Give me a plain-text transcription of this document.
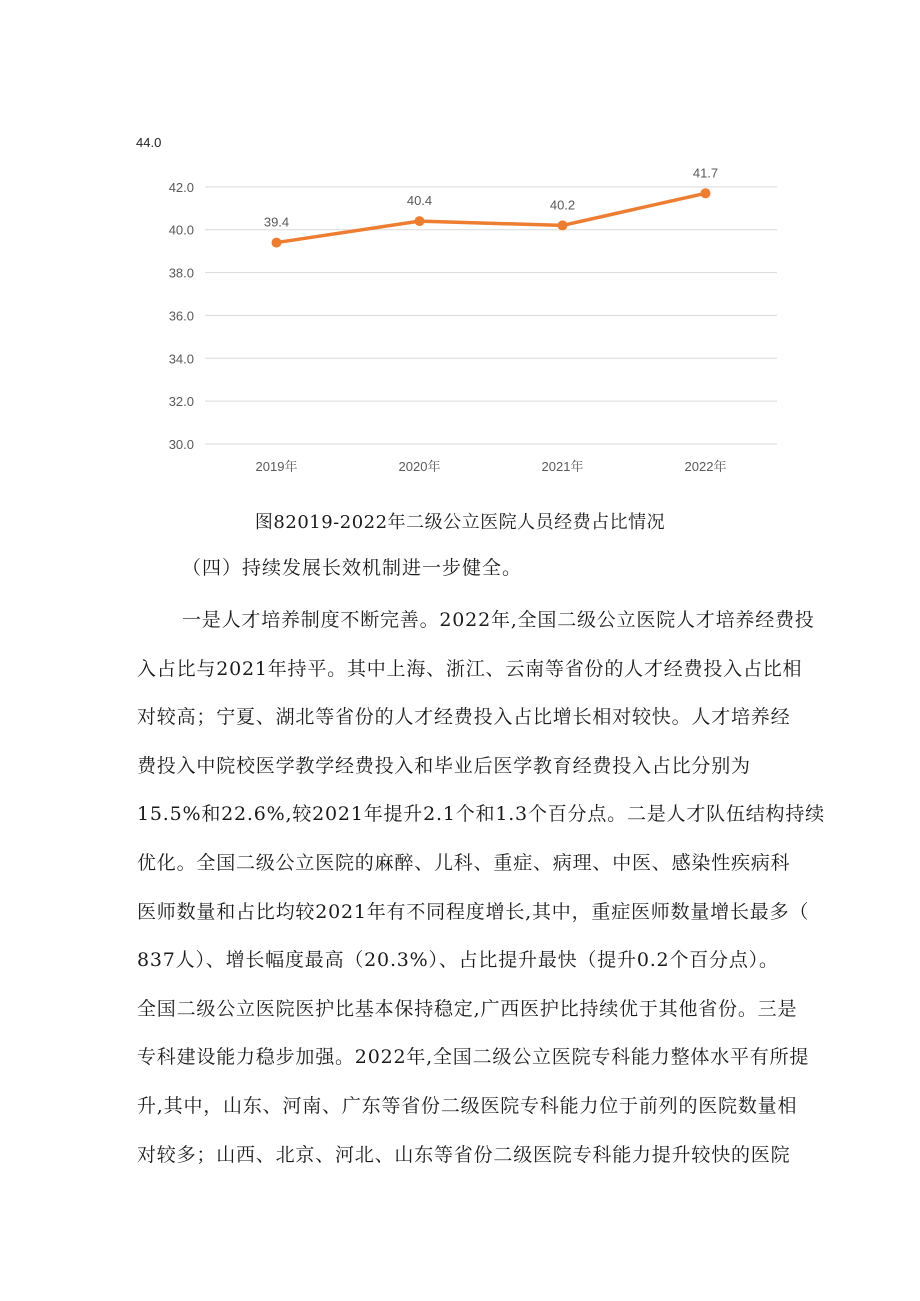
30.0
32.0
34.0
36.0
38.0
40.0
42.0
2019年	2020年	2021年	2022年
39.4
40.4	40.2
41.7
44.0
图82019-2022年二级公立医院人员经费占比情况
（四）持续发展长效机制进一步健全。
一是人才培养制度不断完善。2022年,全国二级公立医院人才培养经费投
入占比与2021年持平。其中上海、浙江、云南等省份的人才经费投入占比相
对较高；宁夏、湖北等省份的人才经费投入占比增长相对较快。人才培养经
费投入中院校医学教学经费投入和毕业后医学教育经费投入占比分别为
15.5%和22.6%,较2021年提升2.1个和1.3个百分点。二是人才队伍结构持续
优化。全国二级公立医院的麻醉、儿科、重症、病理、中医、感染性疾病科
医师数量和占比均较2021年有不同程度增长,其中，重症医师数量增长最多（
837人）、增长幅度最高（20.3%）、占比提升最快（提升0.2个百分点）。
全国二级公立医院医护比基本保持稳定,广西医护比持续优于其他省份。三是
专科建设能力稳步加强。2022年,全国二级公立医院专科能力整体水平有所提
升,其中，山东、河南、广东等省份二级医院专科能力位于前列的医院数量相
对较多；山西、北京、河北、山东等省份二级医院专科能力提升较快的医院
